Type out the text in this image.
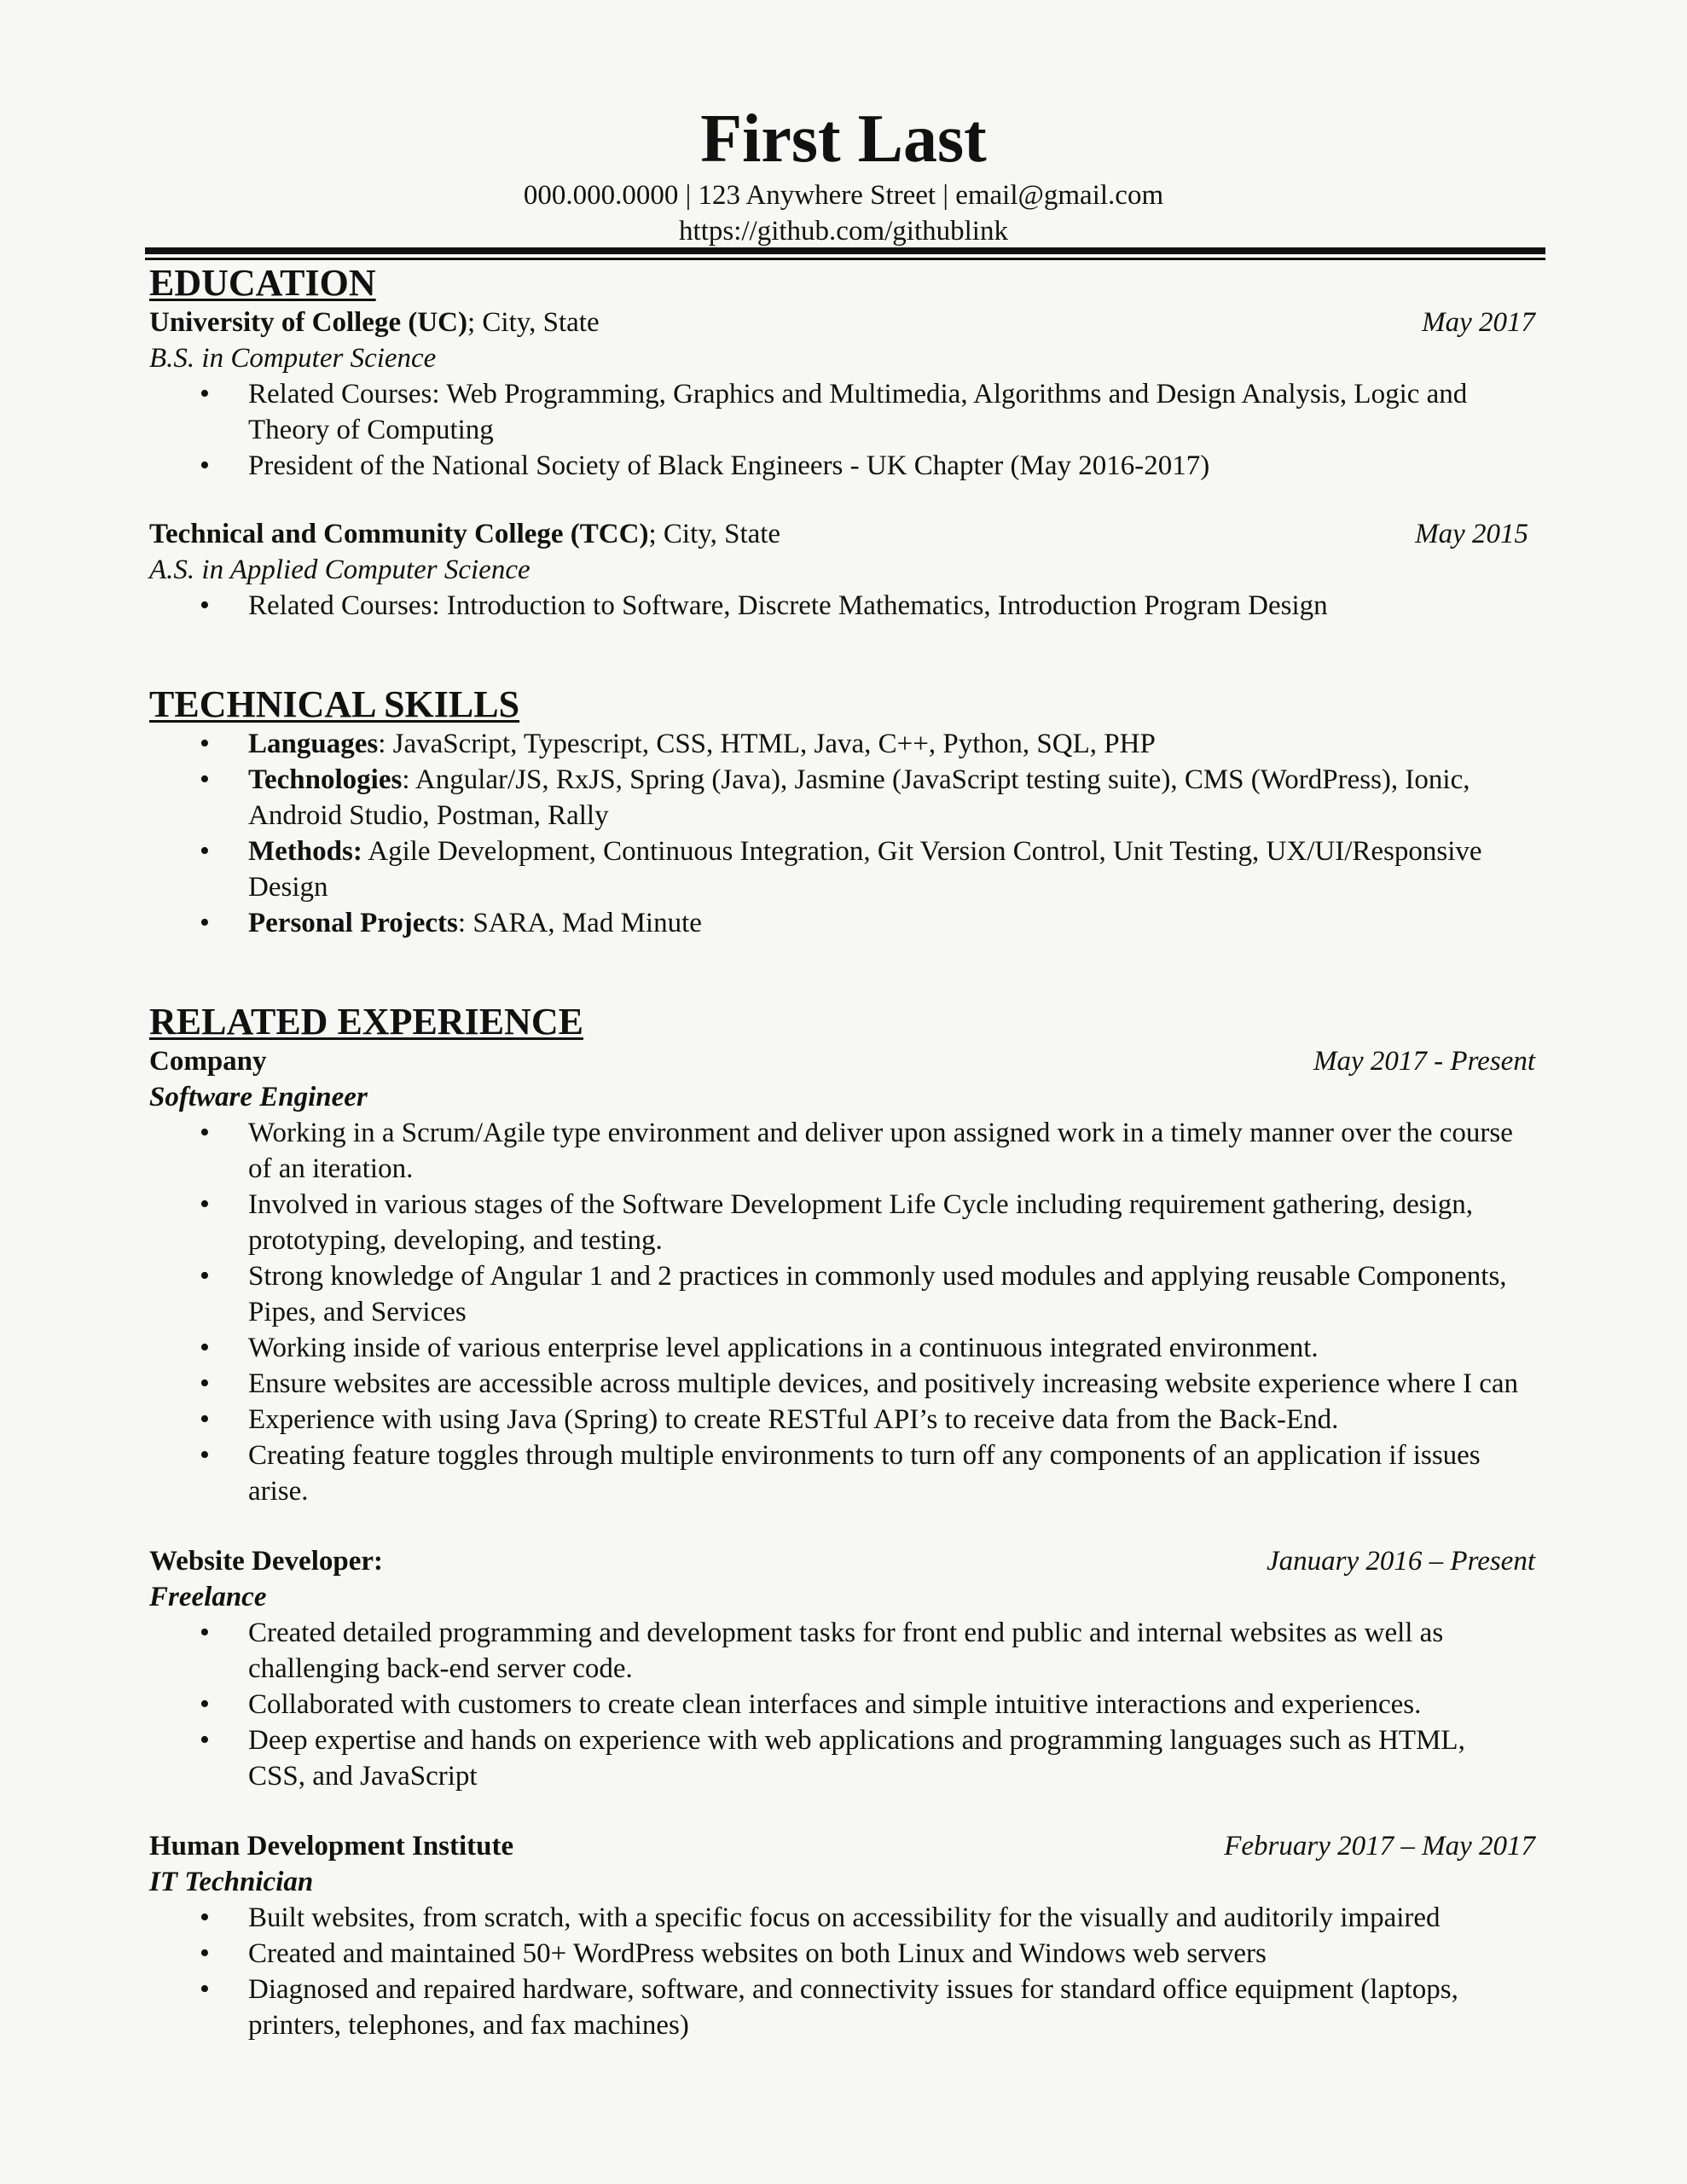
First Last
000.000.0000 | 123 Anywhere Street | email@gmail.com
https://github.com/githublink
EDUCATION
University of College (UC); City, State	May 2017
B.S. in Computer Science
• Related Courses: Web Programming, Graphics and Multimedia, Algorithms and Design Analysis, Logic and Theory of Computing
• President of the National Society of Black Engineers - UK Chapter (May 2016-2017)
Technical and Community College (TCC); City, State	May 2015
A.S. in Applied Computer Science
• Related Courses: Introduction to Software, Discrete Mathematics, Introduction Program Design
TECHNICAL SKILLS
• Languages: JavaScript, Typescript, CSS, HTML, Java, C++, Python, SQL, PHP
• Technologies: Angular/JS, RxJS, Spring (Java), Jasmine (JavaScript testing suite), CMS (WordPress), Ionic, Android Studio, Postman, Rally
• Methods: Agile Development, Continuous Integration, Git Version Control, Unit Testing, UX/UI/Responsive Design
• Personal Projects: SARA, Mad Minute
RELATED EXPERIENCE
Company	May 2017 - Present
Software Engineer
• Working in a Scrum/Agile type environment and deliver upon assigned work in a timely manner over the course of an iteration.
• Involved in various stages of the Software Development Life Cycle including requirement gathering, design, prototyping, developing, and testing.
• Strong knowledge of Angular 1 and 2 practices in commonly used modules and applying reusable Components, Pipes, and Services
• Working inside of various enterprise level applications in a continuous integrated environment.
• Ensure websites are accessible across multiple devices, and positively increasing website experience where I can
• Experience with using Java (Spring) to create RESTful API’s to receive data from the Back-End.
• Creating feature toggles through multiple environments to turn off any components of an application if issues arise.
Website Developer:	January 2016 – Present
Freelance
• Created detailed programming and development tasks for front end public and internal websites as well as challenging back-end server code.
• Collaborated with customers to create clean interfaces and simple intuitive interactions and experiences.
• Deep expertise and hands on experience with web applications and programming languages such as HTML, CSS, and JavaScript
Human Development Institute	February 2017 – May 2017
IT Technician
• Built websites, from scratch, with a specific focus on accessibility for the visually and auditorily impaired
• Created and maintained 50+ WordPress websites on both Linux and Windows web servers
• Diagnosed and repaired hardware, software, and connectivity issues for standard office equipment (laptops, printers, telephones, and fax machines)
